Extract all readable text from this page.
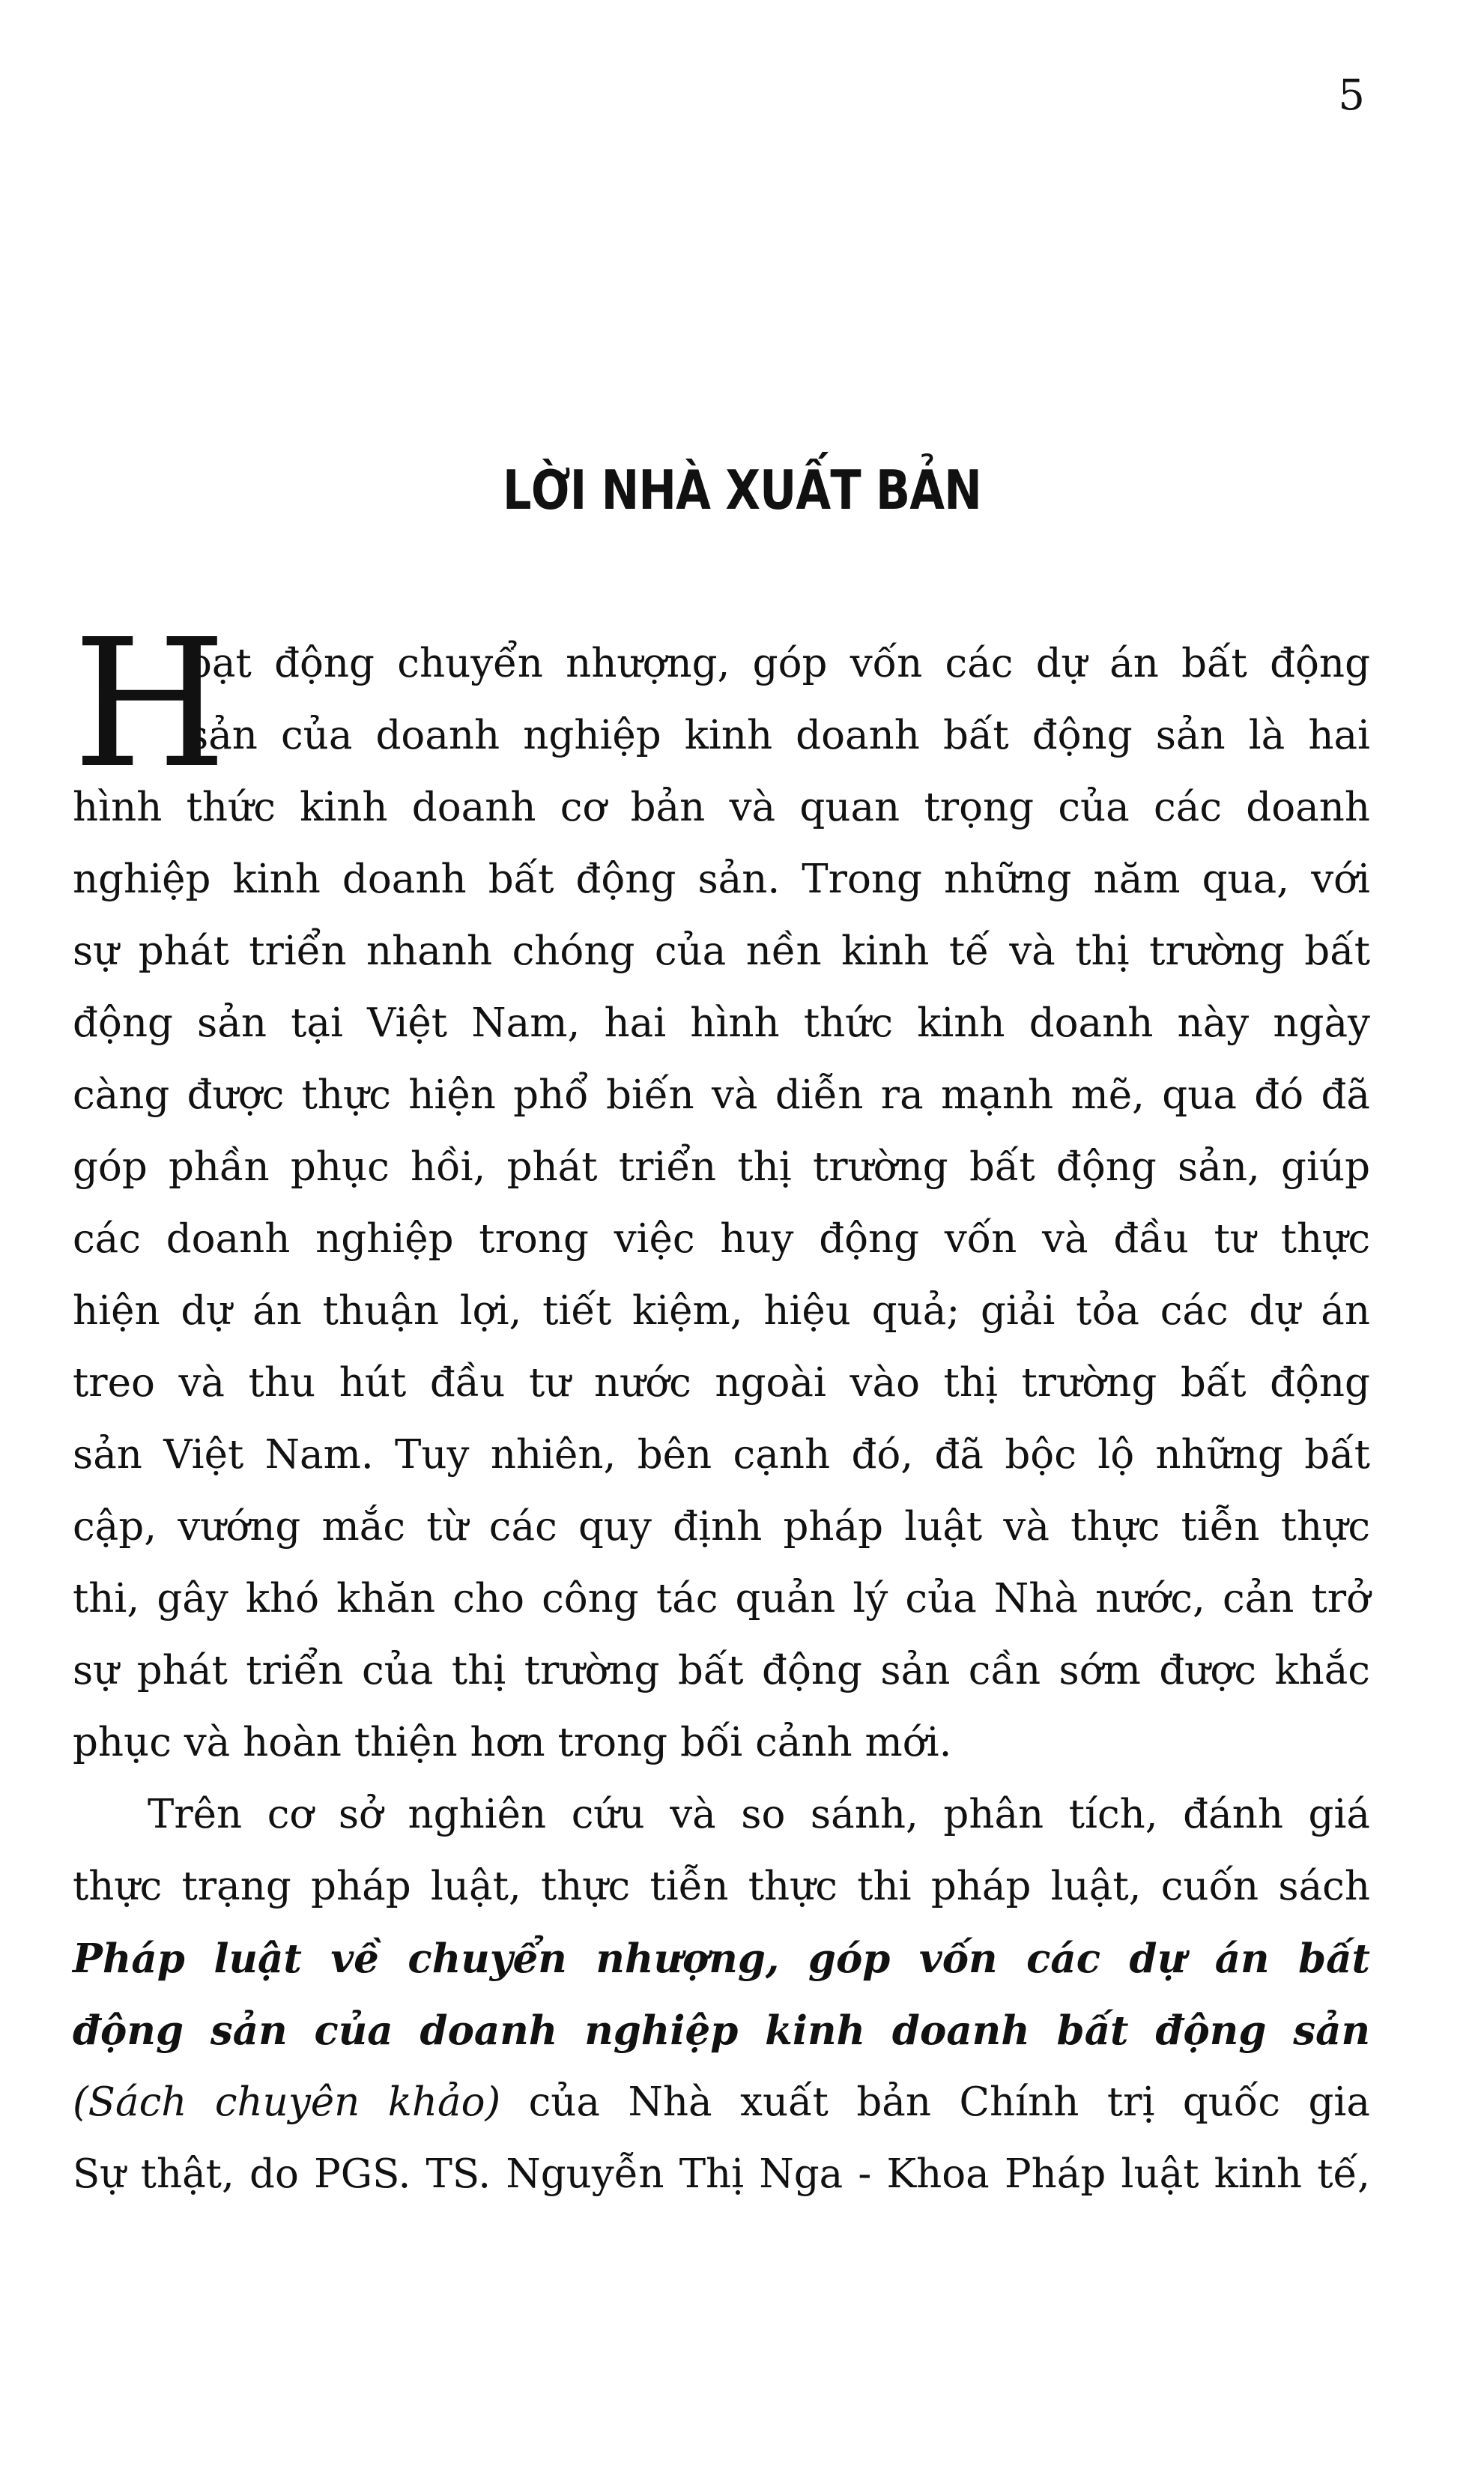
5
LỜI NHÀ XUẤT BẢN
H
oạt động chuyển nhượng, góp vốn các dự án bất động
sản của doanh nghiệp kinh doanh bất động sản là hai
hình thức kinh doanh cơ bản và quan trọng của các doanh
nghiệp kinh doanh bất động sản. Trong những năm qua, với
sự phát triển nhanh chóng của nền kinh tế và thị trường bất
động sản tại Việt Nam, hai hình thức kinh doanh này ngày
càng được thực hiện phổ biến và diễn ra mạnh mẽ, qua đó đã
góp phần phục hồi, phát triển thị trường bất động sản, giúp
các doanh nghiệp trong việc huy động vốn và đầu tư thực
hiện dự án thuận lợi, tiết kiệm, hiệu quả; giải tỏa các dự án
treo và thu hút đầu tư nước ngoài vào thị trường bất động
sản Việt Nam. Tuy nhiên, bên cạnh đó, đã bộc lộ những bất
cập, vướng mắc từ các quy định pháp luật và thực tiễn thực
thi, gây khó khăn cho công tác quản lý của Nhà nước, cản trở
sự phát triển của thị trường bất động sản cần sớm được khắc
phục và hoàn thiện hơn trong bối cảnh mới.
Trên cơ sở nghiên cứu và so sánh, phân tích, đánh giá
thực trạng pháp luật, thực tiễn thực thi pháp luật, cuốn sách
Pháp luật về chuyển nhượng, góp vốn các dự án bất
động sản của doanh nghiệp kinh doanh bất động sản
(Sách chuyên khảo) của Nhà xuất bản Chính trị quốc gia
Sự thật, do PGS. TS. Nguyễn Thị Nga - Khoa Pháp luật kinh tế,
